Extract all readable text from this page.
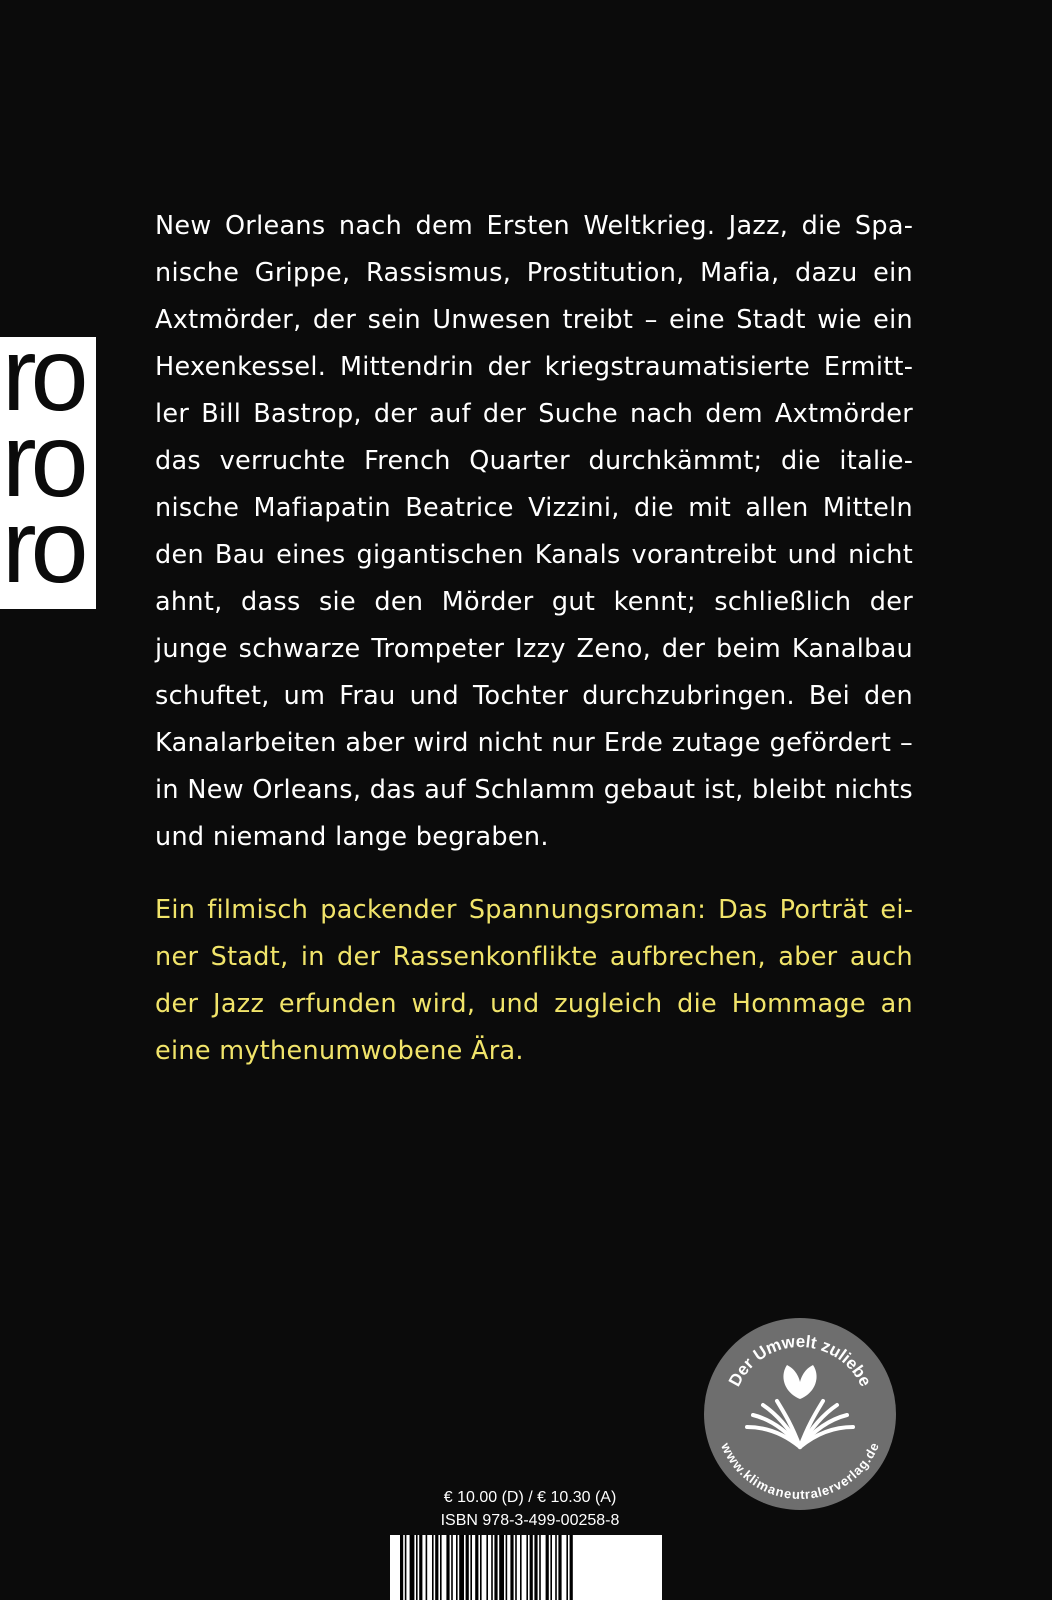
ro
ro
ro

New Orleans nach dem Ersten Weltkrieg. Jazz, die Spanische Grippe, Rassismus, Prostitution, Mafia, dazu ein Axtmörder, der sein Unwesen treibt – eine Stadt wie ein Hexenkessel. Mittendrin der kriegstraumatisierte Ermittler Bill Bastrop, der auf der Suche nach dem Axtmörder das verruchte French Quarter durchkämmt; die italienische Mafiapatin Beatrice Vizzini, die mit allen Mitteln den Bau eines gigantischen Kanals vorantreibt und nicht ahnt, dass sie den Mörder gut kennt; schließlich der junge schwarze Trompeter Izzy Zeno, der beim Kanalbau schuftet, um Frau und Tochter durchzubringen. Bei den Kanalarbeiten aber wird nicht nur Erde zutage gefördert – in New Orleans, das auf Schlamm gebaut ist, bleibt nichts und niemand lange begraben.

Ein filmisch packender Spannungsroman: Das Porträt einer Stadt, in der Rassenkonflikte aufbrechen, aber auch der Jazz erfunden wird, und zugleich die Hommage an eine mythenumwobene Ära.

Der Umwelt zuliebe
www.klimaneutralerverlag.de
€ 10.00 (D) / € 10.30 (A)
ISBN 978-3-499-00258-8
